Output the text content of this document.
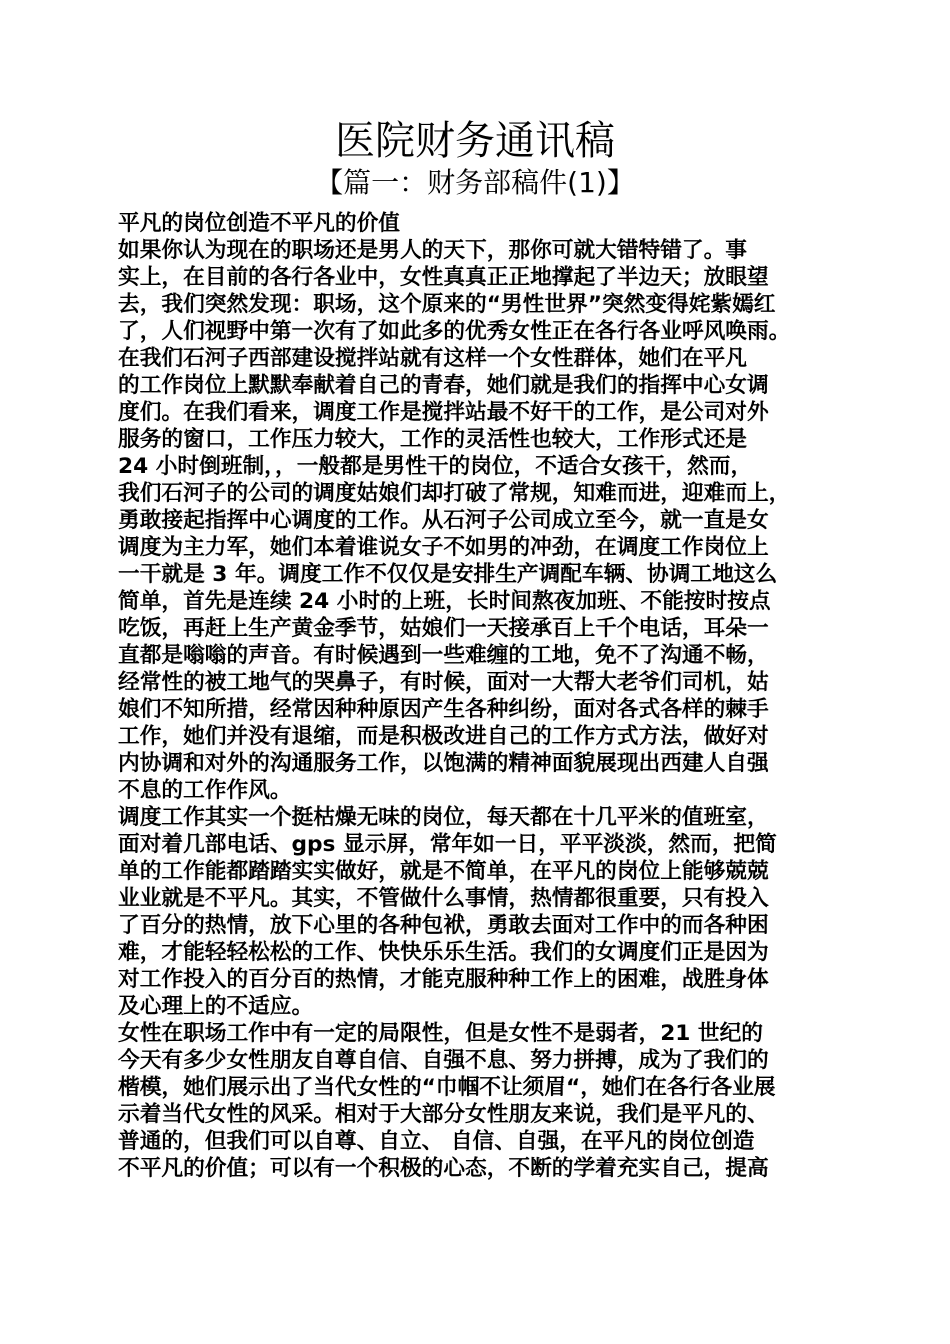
医院财务通讯稿
【篇一：财务部稿件(1)】
平凡的岗位创造不平凡的价值
如果你认为现在的职场还是男人的天下，那你可就大错特错了。事
实上，在目前的各行各业中，女性真真正正地撑起了半边天；放眼望
去，我们突然发现：职场，这个原来的“男性世界”突然变得姹紫嫣红
了，人们视野中第一次有了如此多的优秀女性正在各行各业呼风唤雨。
在我们石河子西部建设搅拌站就有这样一个女性群体，她们在平凡
的工作岗位上默默奉献着自己的青春，她们就是我们的指挥中心女调
度们。在我们看来，调度工作是搅拌站最不好干的工作，是公司对外
服务的窗口，工作压力较大，工作的灵活性也较大，工作形式还是
24 小时倒班制，，一般都是男性干的岗位，不适合女孩干，然而，
我们石河子的公司的调度姑娘们却打破了常规，知难而进，迎难而上，
勇敢接起指挥中心调度的工作。从石河子公司成立至今，就一直是女
调度为主力军，她们本着谁说女子不如男的冲劲，在调度工作岗位上
一干就是 3 年。调度工作不仅仅是安排生产调配车辆、协调工地这么
简单，首先是连续 24 小时的上班，长时间熬夜加班、不能按时按点
吃饭，再赶上生产黄金季节，姑娘们一天接承百上千个电话，耳朵一
直都是嗡嗡的声音。有时候遇到一些难缠的工地，免不了沟通不畅，
经常性的被工地气的哭鼻子，有时候，面对一大帮大老爷们司机，姑
娘们不知所措，经常因种种原因产生各种纠纷，面对各式各样的棘手
工作，她们并没有退缩，而是积极改进自己的工作方式方法，做好对
内协调和对外的沟通服务工作，以饱满的精神面貌展现出西建人自强
不息的工作作风。
调度工作其实一个挺枯燥无味的岗位，每天都在十几平米的值班室，
面对着几部电话、gps 显示屏，常年如一日，平平淡淡，然而，把简
单的工作能都踏踏实实做好，就是不简单，在平凡的岗位上能够兢兢
业业就是不平凡。其实，不管做什么事情，热情都很重要，只有投入
了百分的热情，放下心里的各种包袱，勇敢去面对工作中的而各种困
难，才能轻轻松松的工作、快快乐乐生活。我们的女调度们正是因为
对工作投入的百分百的热情，才能克服种种工作上的困难，战胜身体
及心理上的不适应。
女性在职场工作中有一定的局限性，但是女性不是弱者，21 世纪的
今天有多少女性朋友自尊自信、自强不息、努力拼搏，成为了我们的
楷模，她们展示出了当代女性的“巾帼不让须眉“，她们在各行各业展
示着当代女性的风采。相对于大部分女性朋友来说，我们是平凡的、
普通的，但我们可以自尊、自立、 自信、自强，在平凡的岗位创造
不平凡的价值；可以有一个积极的心态，不断的学着充实自己，提高
